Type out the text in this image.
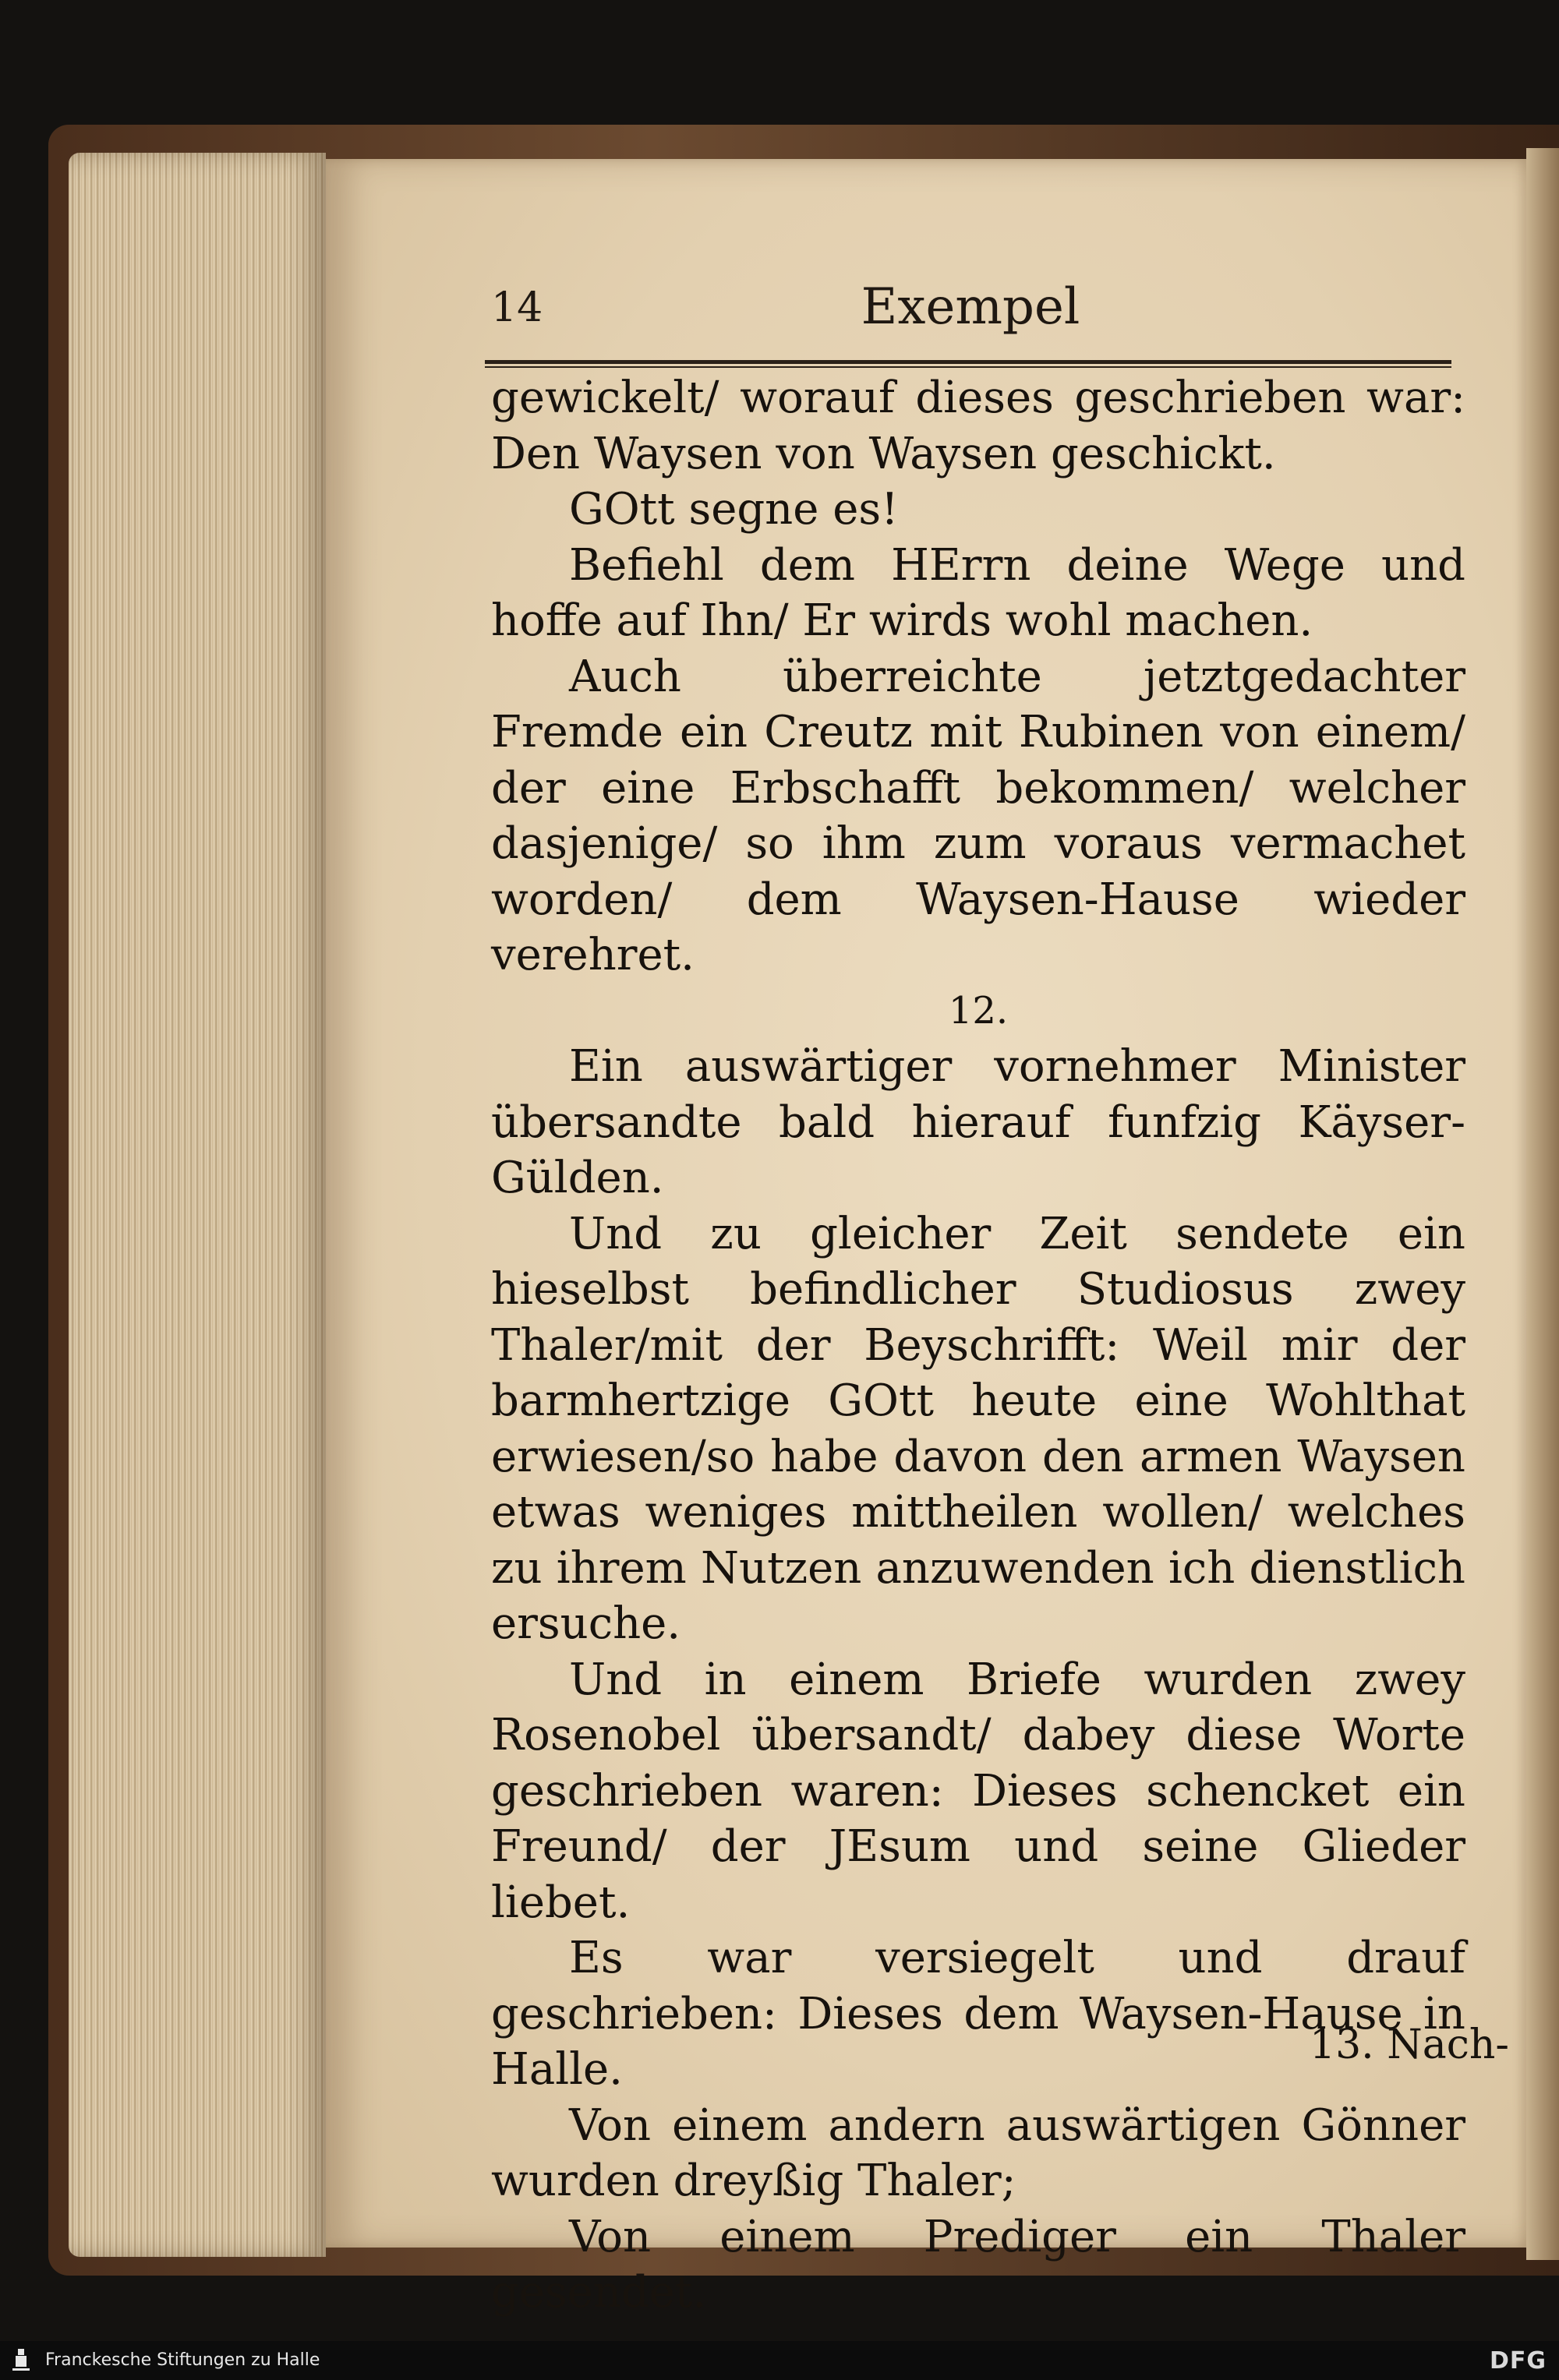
14	Exempel

gewickelt/ worauf dieses geschrieben war: Den Waysen von Waysen geschickt.

GOtt segne es!

Befiehl dem HErrn deine Wege und hoffe auf Ihn/ Er wirds wohl machen.

Auch überreichte jetztgedachter Fremde ein Creutz mit Rubinen von einem/ der eine Erbschafft bekommen/ welcher dasjenige/ so ihm zum voraus vermachet worden/ dem Waysen-Hause wieder verehret.

12.

Ein auswärtiger vornehmer Minister übersandte bald hierauf funfzig Käyser-Gülden.

Und zu gleicher Zeit sendete ein hieselbst befindlicher Studiosus zwey Thaler/mit der Beyschrifft: Weil mir der barmhertzige GOtt heute eine Wohlthat erwiesen/so habe davon den armen Waysen etwas weniges mittheilen wollen/ welches zu ihrem Nutzen anzuwenden ich dienstlich ersuche.

Und in einem Briefe wurden zwey Rosenobel übersandt/ dabey diese Worte geschrieben waren: Dieses schencket ein Freund/ der JEsum und seine Glieder liebet.

Es war versiegelt und drauf geschrieben: Dieses dem Waysen-Hause in Halle.

Von einem andern auswärtigen Gönner wurden dreyßig Thaler;

Von einem Prediger ein Thaler gesendet.

13. Nach-
Franckesche Stiftungen zu Halle	DFG
